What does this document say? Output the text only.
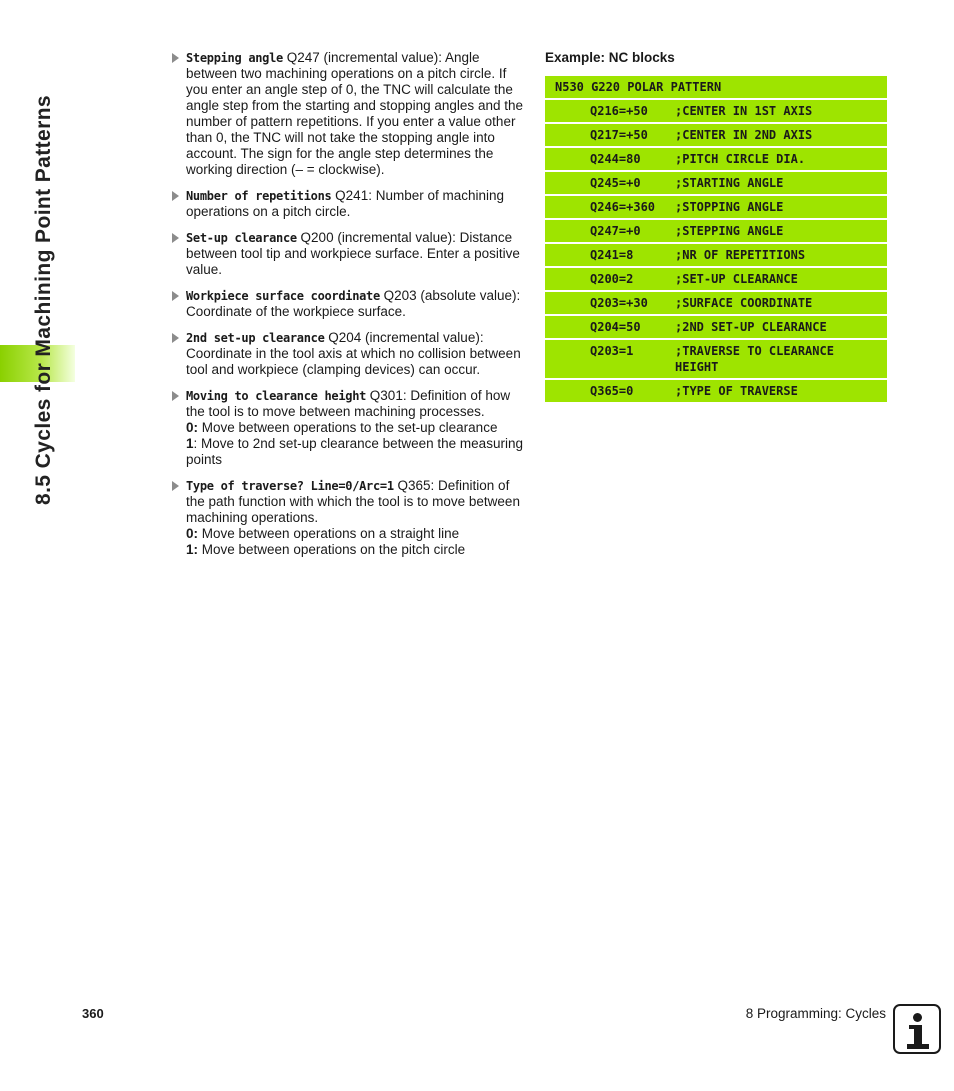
8.5 Cycles for Machining Point Patterns
Stepping angle Q247 (incremental value): Angle between two machining operations on a pitch circle. If you enter an angle step of 0, the TNC will calculate the angle step from the starting and stopping angles and the number of pattern repetitions. If you enter a value other than 0, the TNC will not take the stopping angle into account. The sign for the angle step determines the working direction (– = clockwise).
Number of repetitions Q241: Number of machining operations on a pitch circle.
Set-up clearance Q200 (incremental value): Distance between tool tip and workpiece surface. Enter a positive value.
Workpiece surface coordinate Q203 (absolute value): Coordinate of the workpiece surface.
2nd set-up clearance Q204 (incremental value): Coordinate in the tool axis at which no collision between tool and workpiece (clamping devices) can occur.
Moving to clearance height Q301: Definition of how the tool is to move between machining processes.
0: Move between operations to the set-up clearance
1: Move to 2nd set-up clearance between the measuring points
Type of traverse? Line=0/Arc=1 Q365: Definition of the path function with which the tool is to move between machining operations.
0: Move between operations on a straight line
1: Move between operations on the pitch circle
Example: NC blocks
N530 G220 POLAR PATTERN
Q216=+50	;CENTER IN 1ST AXIS
Q217=+50	;CENTER IN 2ND AXIS
Q244=80	;PITCH CIRCLE DIA.
Q245=+0	;STARTING ANGLE
Q246=+360	;STOPPING ANGLE
Q247=+0	;STEPPING ANGLE
Q241=8	;NR OF REPETITIONS
Q200=2	;SET-UP CLEARANCE
Q203=+30	;SURFACE COORDINATE
Q204=50	;2ND SET-UP CLEARANCE
Q203=1	;TRAVERSE TO CLEARANCE
HEIGHT
Q365=0	;TYPE OF TRAVERSE
360	8 Programming: Cycles
